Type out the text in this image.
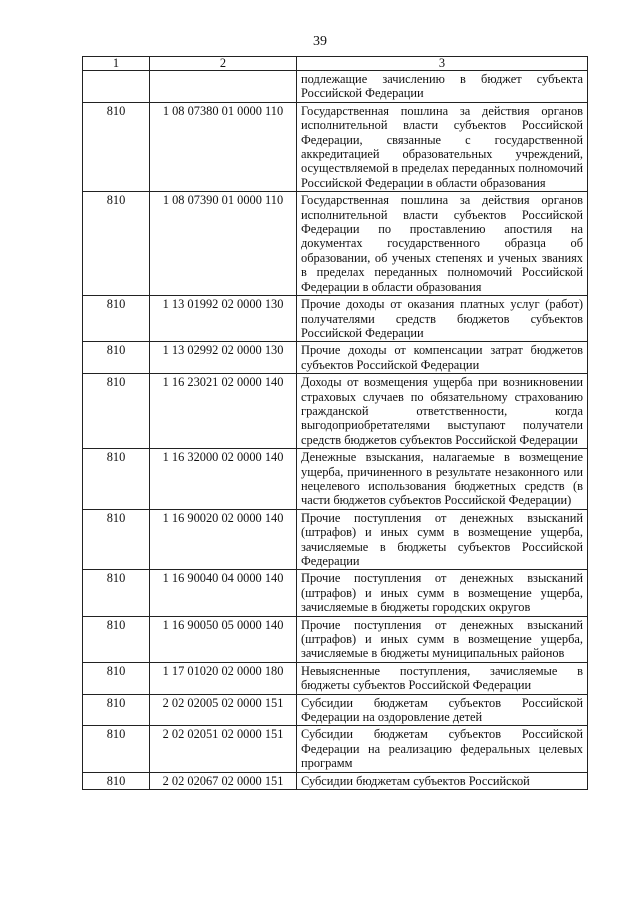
39
1	2	3
		подлежащие зачислению в бюджет субъекта Российской Федерации
810	1 08 07380 01 0000 110	Государственная пошлина за действия органов исполнительной власти субъектов Российской Федерации, связанные с государственной аккредитацией образовательных учреждений, осуществляемой в пределах переданных полномочий Российской Федерации в области образования
810	1 08 07390 01 0000 110	Государственная пошлина за действия органов исполнительной власти субъектов Российской Федерации по проставлению апостиля на документах государственного образца об образовании, об ученых степенях и ученых званиях в пределах переданных полномочий Российской Федерации в области образования
810	1 13 01992 02 0000 130	Прочие доходы от оказания платных услуг (работ) получателями средств бюджетов субъектов Российской Федерации
810	1 13 02992 02 0000 130	Прочие доходы от компенсации затрат бюджетов субъектов Российской Федерации
810	1 16 23021 02 0000 140	Доходы от возмещения ущерба при возникновении страховых случаев по обязательному страхованию гражданской ответственности, когда выгодоприобретателями выступают получатели средств бюджетов субъектов Российской Федерации
810	1 16 32000 02 0000 140	Денежные взыскания, налагаемые в возмещение ущерба, причиненного в результате незаконного или нецелевого использования бюджетных средств (в части бюджетов субъектов Российской Федерации)
810	1 16 90020 02 0000 140	Прочие поступления от денежных взысканий (штрафов) и иных сумм в возмещение ущерба, зачисляемые в бюджеты субъектов Российской Федерации
810	1 16 90040 04 0000 140	Прочие поступления от денежных взысканий (штрафов) и иных сумм в возмещение ущерба, зачисляемые в бюджеты городских округов
810	1 16 90050 05 0000 140	Прочие поступления от денежных взысканий (штрафов) и иных сумм в возмещение ущерба, зачисляемые в бюджеты муниципальных районов
810	1 17 01020 02 0000 180	Невыясненные поступления, зачисляемые в бюджеты субъектов Российской Федерации
810	2 02 02005 02 0000 151	Субсидии бюджетам субъектов Российской Федерации на оздоровление детей
810	2 02 02051 02 0000 151	Субсидии бюджетам субъектов Российской Федерации на реализацию федеральных целевых программ
810	2 02 02067 02 0000 151	Субсидии бюджетам субъектов Российской
